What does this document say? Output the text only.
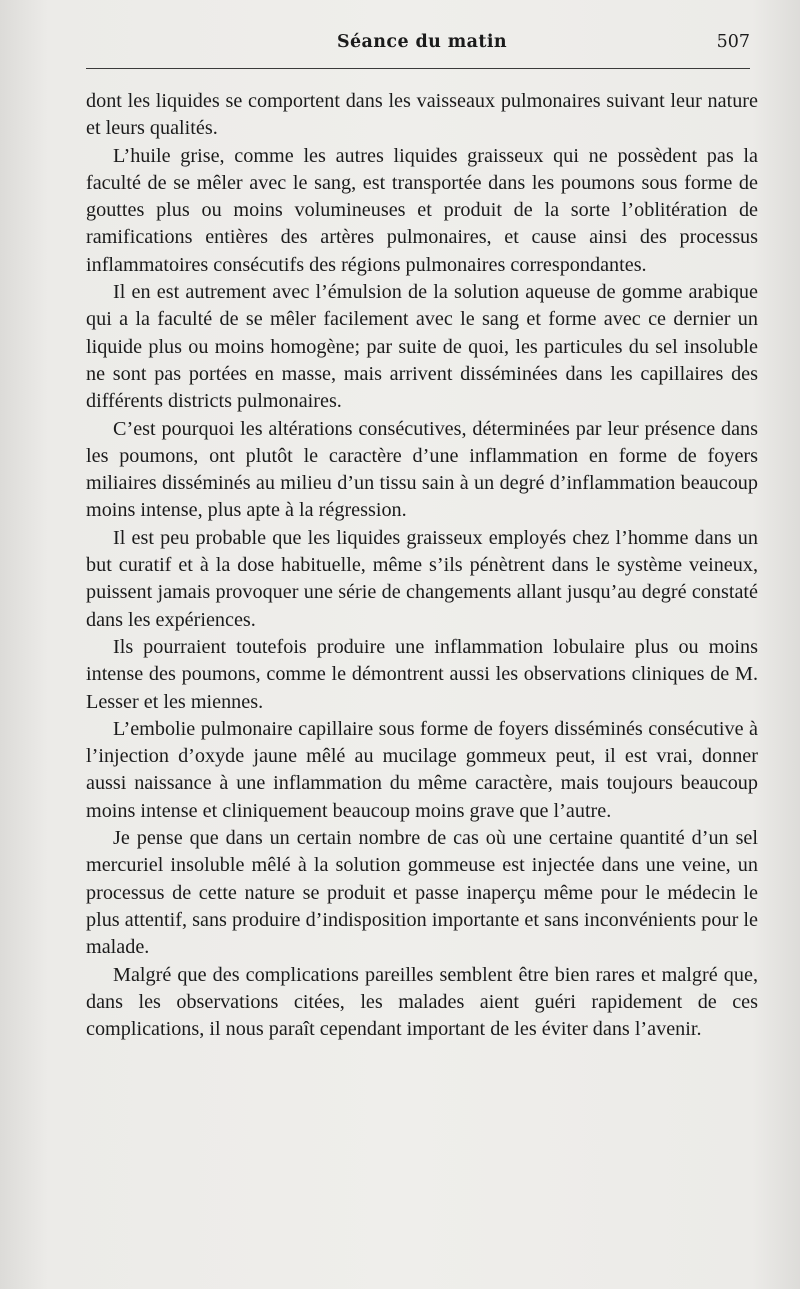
Séance du matin	507

dont les liquides se comportent dans les vaisseaux pulmonaires suivant leur nature et leurs qualités.

L’huile grise, comme les autres liquides graisseux qui ne possèdent pas la faculté de se mêler avec le sang, est transportée dans les poumons sous forme de gouttes plus ou moins volumineuses et produit de la sorte l’oblitération de ramifications entières des artères pulmonaires, et cause ainsi des processus inflammatoires consécutifs des régions pulmonaires correspondantes.

Il en est autrement avec l’émulsion de la solution aqueuse de gomme arabique qui a la faculté de se mêler facilement avec le sang et forme avec ce dernier un liquide plus ou moins homogène; par suite de quoi, les particules du sel insoluble ne sont pas portées en masse, mais arrivent disséminées dans les capillaires des différents districts pulmonaires.

C’est pourquoi les altérations consécutives, déterminées par leur présence dans les poumons, ont plutôt le caractère d’une inflammation en forme de foyers miliaires disséminés au milieu d’un tissu sain à un degré d’inflammation beaucoup moins intense, plus apte à la régression.

Il est peu probable que les liquides graisseux employés chez l’homme dans un but curatif et à la dose habituelle, même s’ils pénètrent dans le système veineux, puissent jamais provoquer une série de changements allant jusqu’au degré constaté dans les expériences.

Ils pourraient toutefois produire une inflammation lobulaire plus ou moins intense des poumons, comme le démontrent aussi les observations cliniques de M. Lesser et les miennes.

L’embolie pulmonaire capillaire sous forme de foyers disséminés consécutive à l’injection d’oxyde jaune mêlé au mucilage gommeux peut, il est vrai, donner aussi naissance à une inflammation du même caractère, mais toujours beaucoup moins intense et cliniquement beaucoup moins grave que l’autre.

Je pense que dans un certain nombre de cas où une certaine quantité d’un sel mercuriel insoluble mêlé à la solution gommeuse est injectée dans une veine, un processus de cette nature se produit et passe inaperçu même pour le médecin le plus attentif, sans produire d’indisposition importante et sans inconvénients pour le malade.

Malgré que des complications pareilles semblent être bien rares et malgré que, dans les observations citées, les malades aient guéri rapidement de ces complications, il nous paraît cependant important de les éviter dans l’avenir.
